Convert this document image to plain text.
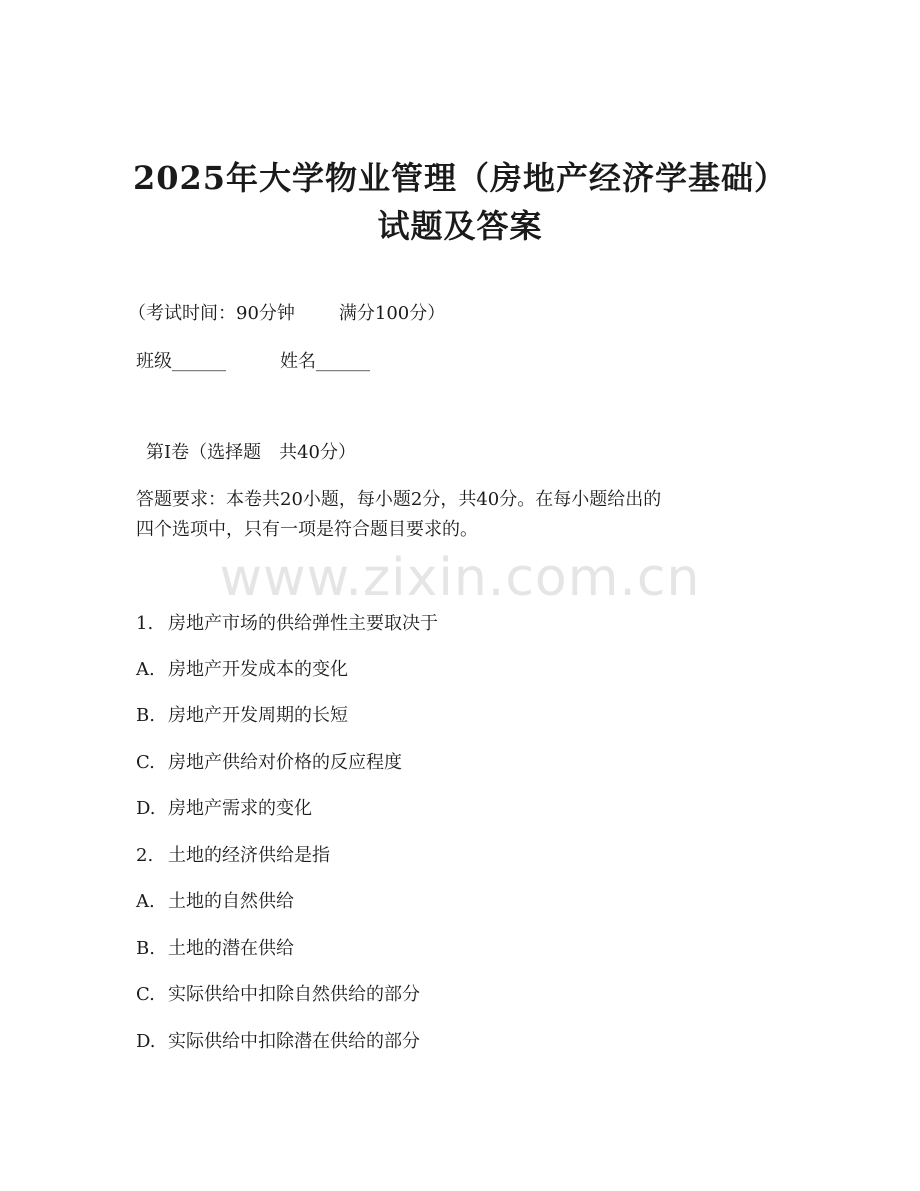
2025年大学物业管理（房地产经济学基础）
试题及答案
（考试时间：90分钟 满分100分）
班级______	姓名______
第Ⅰ卷（选择题　共40分）
答题要求：本卷共20小题，每小题2分，共40分。在每小题给出的
四个选项中，只有一项是符合题目要求的。
www.zixin.com.cn
1. 房地产市场的供给弹性主要取决于
A. 房地产开发成本的变化
B. 房地产开发周期的长短
C. 房地产供给对价格的反应程度
D. 房地产需求的变化
2. 土地的经济供给是指
A. 土地的自然供给
B. 土地的潜在供给
C. 实际供给中扣除自然供给的部分
D. 实际供给中扣除潜在供给的部分
